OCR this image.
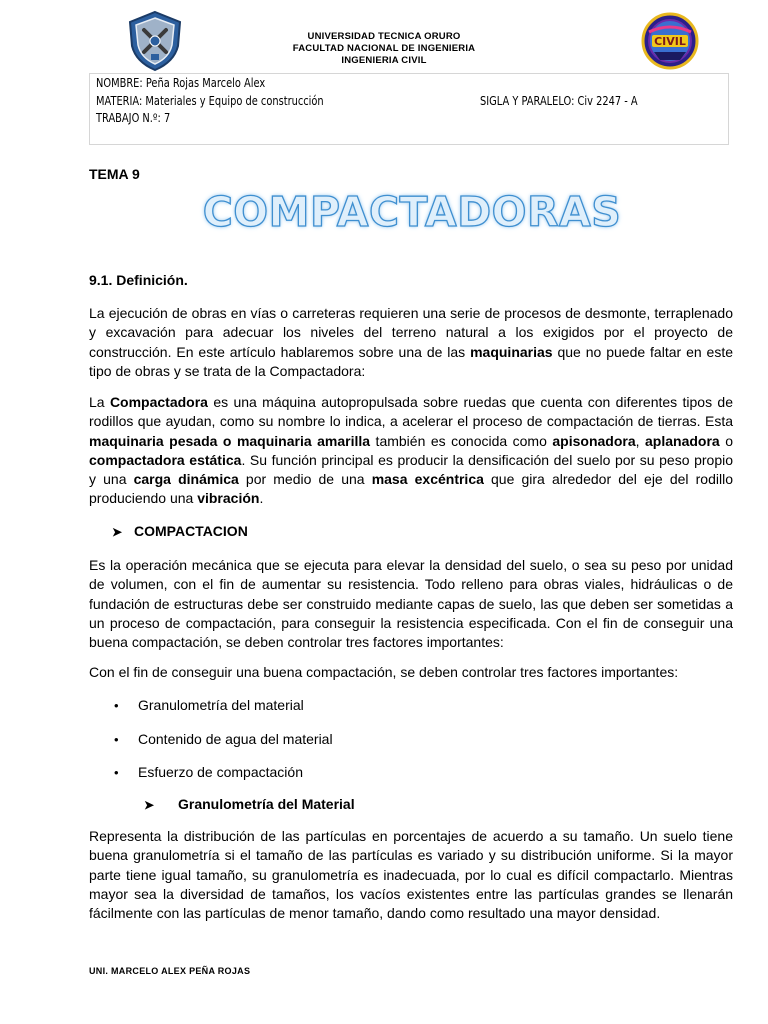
UNIVERSIDAD TECNICA ORURO
FACULTAD NACIONAL DE INGENIERIA
INGENIERIA CIVIL
CIVIL
NOMBRE: Peña Rojas Marcelo Alex
MATERIA: Materiales y Equipo de construcción
TRABAJO N.º: 7
SIGLA Y PARALELO: Civ 2247 - A
TEMA 9
COMPACTADORAS
9.1. Definición.
La ejecución de obras en vías o carreteras requieren una serie de procesos de desmonte, terraplenado y excavación para adecuar los niveles del terreno natural a los exigidos por el proyecto de construcción. En este artículo hablaremos sobre una de las maquinarias que no puede faltar en este tipo de obras y se trata de la Compactadora:
La Compactadora es una máquina autopropulsada sobre ruedas que cuenta con diferentes tipos de rodillos que ayudan, como su nombre lo indica, a acelerar el proceso de compactación de tierras. Esta maquinaria pesada o maquinaria amarilla también es conocida como apisonadora, aplanadora o compactadora estática. Su función principal es producir la densificación del suelo por su peso propio y una carga dinámica por medio de una masa excéntrica que gira alrededor del eje del rodillo produciendo una vibración.
➤ COMPACTACION
Es la operación mecánica que se ejecuta para elevar la densidad del suelo, o sea su peso por unidad de volumen, con el fin de aumentar su resistencia. Todo relleno para obras viales, hidráulicas o de fundación de estructuras debe ser construido mediante capas de suelo, las que deben ser sometidas a un proceso de compactación, para conseguir la resistencia especificada. Con el fin de conseguir una buena compactación, se deben controlar tres factores importantes:
Con el fin de conseguir una buena compactación, se deben controlar tres factores importantes:
• Granulometría del material
• Contenido de agua del material
• Esfuerzo de compactación
➤ Granulometría del Material
Representa la distribución de las partículas en porcentajes de acuerdo a su tamaño. Un suelo tiene buena granulometría si el tamaño de las partículas es variado y su distribución uniforme. Si la mayor parte tiene igual tamaño, su granulometría es inadecuada, por lo cual es difícil compactarlo. Mientras mayor sea la diversidad de tamaños, los vacíos existentes entre las partículas grandes se llenarán fácilmente con las partículas de menor tamaño, dando como resultado una mayor densidad.
UNI. MARCELO ALEX PEÑA ROJAS
